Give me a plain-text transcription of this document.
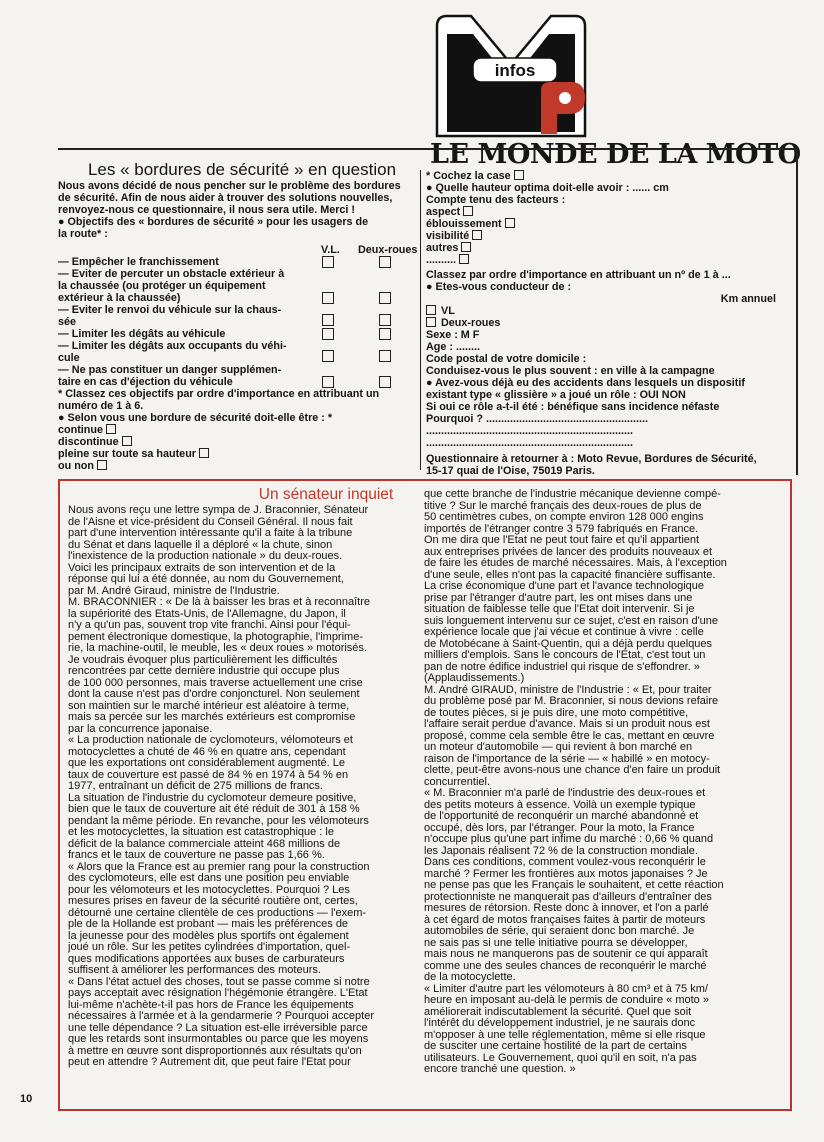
infos
LE MONDE DE LA MOTO
Les « bordures de sécurité » en question
Nous avons décidé de nous pencher sur le problème des bordures
de sécurité. Afin de nous aider à trouver des solutions nouvelles,
renvoyez-nous ce questionnaire, il nous sera utile. Merci !
● Objectifs des « bordures de sécurité » pour les usagers de
la route* :
V.L. Deux-roues
— Empêcher le franchissement
— Eviter de percuter un obstacle extérieur à
la chaussée (ou protéger un équipement
extérieur à la chaussée)
— Eviter le renvoi du véhicule sur la chaus-
sée
— Limiter les dégâts au véhicule
— Limiter les dégâts aux occupants du véhi-
cule
— Ne pas constituer un danger supplémen-
taire en cas d'éjection du véhicule
* Classez ces objectifs par ordre d'importance en attribuant un
numéro de 1 à 6.
● Selon vous une bordure de sécurité doit-elle être : *
continue
discontinue
pleine sur toute sa hauteur
ou non
* Cochez la case
● Quelle hauteur optima doit-elle avoir : ...... cm
Compte tenu des facteurs :
aspect
éblouissement
visibilité
autres
..........
Classez par ordre d'importance en attribuant un nº de 1 à ...
● Etes-vous conducteur de :
Km annuel
VL
Deux-roues
Sexe : M F
Age : ........
Code postal de votre domicile :
Conduisez-vous le plus souvent : en ville à la campagne
● Avez-vous déjà eu des accidents dans lesquels un dispositif
existant type « glissière » a joué un rôle : OUI NON
Si oui ce rôle a-t-il été : bénéfique sans incidence néfaste
Pourquoi ? ......................................................
.....................................................................
.....................................................................
Questionnaire à retourner à : Moto Revue, Bordures de Sécurité,
15-17 quai de l'Oise, 75019 Paris.
Un sénateur inquiet
Nous avons reçu une lettre sympa de J. Braconnier, Sénateur
de l'Aisne et vice-président du Conseil Général. Il nous fait
part d'une intervention intéressante qu'il a faite à la tribune
du Sénat et dans laquelle il a déploré « la chute, sinon
l'inexistence de la production nationale » du deux-roues.
Voici les principaux extraits de son intervention et de la
réponse qui lui a été donnée, au nom du Gouvernement,
par M. André Giraud, ministre de l'Industrie.
M. BRACONNIER : « De là à baisser les bras et à reconnaître
la supériorité des Etats-Unis, de l'Allemagne, du Japon, il
n'y a qu'un pas, souvent trop vite franchi. Ainsi pour l'équi-
pement électronique domestique, la photographie, l'imprime-
rie, la machine-outil, le meuble, les « deux roues » motorisés.
Je voudrais évoquer plus particulièrement les difficultés
rencontrées par cette dernière industrie qui occupe plus
de 100 000 personnes, mais traverse actuellement une crise
dont la cause n'est pas d'ordre conjoncturel. Non seulement
son maintien sur le marché intérieur est aléatoire à terme,
mais sa percée sur les marchés extérieurs est compromise
par la concurrence japonaise.
« La production nationale de cyclomoteurs, vélomoteurs et
motocyclettes a chuté de 46 % en quatre ans, cependant
que les exportations ont considérablement augmenté. Le
taux de couverture est passé de 84 % en 1974 à 54 % en
1977, entraînant un déficit de 275 millions de francs.
La situation de l'industrie du cyclomoteur demeure positive,
bien que le taux de couverture ait été réduit de 301 à 158 %
pendant la même période. En revanche, pour les vélomoteurs
et les motocyclettes, la situation est catastrophique : le
déficit de la balance commerciale atteint 468 millions de
francs et le taux de couverture ne passe pas 1,66 %.
« Alors que la France est au premier rang pour la construction
des cyclomoteurs, elle est dans une position peu enviable
pour les vélomoteurs et les motocyclettes. Pourquoi ? Les
mesures prises en faveur de la sécurité routière ont, certes,
détourné une certaine clientèle de ces productions — l'exem-
ple de la Hollande est probant — mais les préférences de
la jeunesse pour des modèles plus sportifs ont également
joué un rôle. Sur les petites cylindrées d'importation, quel-
ques modifications apportées aux buses de carburateurs
suffisent à améliorer les performances des moteurs.
« Dans l'état actuel des choses, tout se passe comme si notre
pays acceptait avec résignation l'hégémonie étrangère. L'Etat
lui-même n'achète-t-il pas hors de France les équipements
nécessaires à l'armée et à la gendarmerie ? Pourquoi accepter
une telle dépendance ? La situation est-elle irréversible parce
que les retards sont insurmontables ou parce que les moyens
à mettre en œuvre sont disproportionnés aux résultats qu'on
peut en attendre ? Autrement dit, que peut faire l'Etat pour
que cette branche de l'industrie mécanique devienne compé-
titive ? Sur le marché français des deux-roues de plus de
50 centimètres cubes, on compte environ 128 000 engins
importés de l'étranger contre 3 579 fabriqués en France.
On me dira que l'Etat ne peut tout faire et qu'il appartient
aux entreprises privées de lancer des produits nouveaux et
de faire les études de marché nécessaires. Mais, à l'exception
d'une seule, elles n'ont pas la capacité financière suffisante.
La crise économique d'une part et l'avance technologique
prise par l'étranger d'autre part, les ont mises dans une
situation de faiblesse telle que l'Etat doit intervenir. Si je
suis longuement intervenu sur ce sujet, c'est en raison d'une
expérience locale que j'ai vécue et continue à vivre : celle
de Motobécane à Saint-Quentin, qui a déjà perdu quelques
milliers d'emplois. Sans le concours de l'Etat, c'est tout un
pan de notre édifice industriel qui risque de s'effondrer. »
(Applaudissements.)
M. André GIRAUD, ministre de l'Industrie : « Et, pour traiter
du problème posé par M. Braconnier, si nous devions refaire
de toutes pièces, si je puis dire, une moto compétitive,
l'affaire serait perdue d'avance. Mais si un produit nous est
proposé, comme cela semble être le cas, mettant en œuvre
un moteur d'automobile — qui revient à bon marché en
raison de l'importance de la série — « habillé » en motocy-
clette, peut-être avons-nous une chance d'en faire un produit
concurrentiel.
« M. Braconnier m'a parlé de l'industrie des deux-roues et
des petits moteurs à essence. Voilà un exemple typique
de l'opportunité de reconquérir un marché abandonné et
occupé, dès lors, par l'étranger. Pour la moto, la France
n'occupe plus qu'une part infime du marché : 0,66 % quand
les Japonais réalisent 72 % de la construction mondiale.
Dans ces conditions, comment voulez-vous reconquérir le
marché ? Fermer les frontières aux motos japonaises ? Je
ne pense pas que les Français le souhaitent, et cette réaction
protectionniste ne manquerait pas d'ailleurs d'entraîner des
mesures de rétorsion. Reste donc à innover, et l'on a parlé
à cet égard de motos françaises faites à partir de moteurs
automobiles de série, qui seraient donc bon marché. Je
ne sais pas si une telle initiative pourra se développer,
mais nous ne manquerons pas de soutenir ce qui apparaît
comme une des seules chances de reconquérir le marché
de la motocyclette.
« Limiter d'autre part les vélomoteurs à 80 cm³ et à 75 km/
heure en imposant au-delà le permis de conduire « moto »
améliorerait indiscutablement la sécurité. Quel que soit
l'intérêt du développement industriel, je ne saurais donc
m'opposer à une telle réglementation, même si elle risque
de susciter une certaine hostilité de la part de certains
utilisateurs. Le Gouvernement, quoi qu'il en soit, n'a pas
encore tranché une question. »
10
